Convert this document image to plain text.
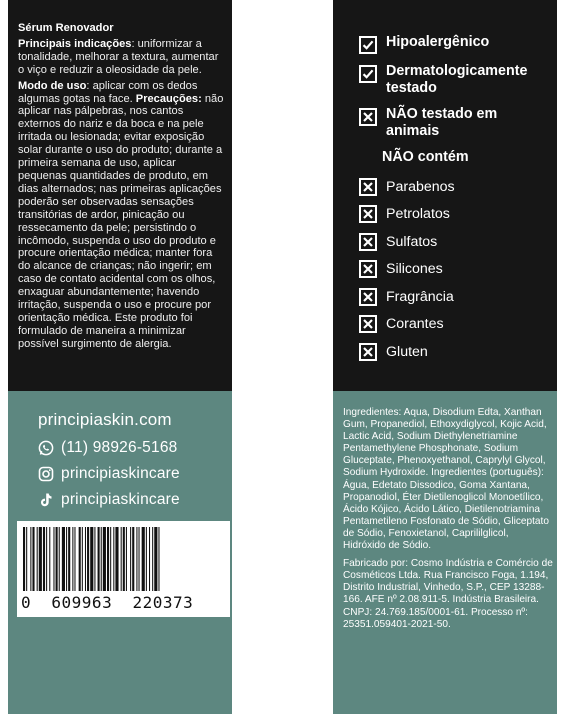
Sérum Renovador

Principais indicações: uniformizar a tonalidade, melhorar a textura, aumentar o viço e reduzir a oleosidade da pele.

Modo de uso: aplicar com os dedos algumas gotas na face. Precauções: não aplicar nas pálpebras, nos cantos externos do nariz e da boca e na pele irritada ou lesionada; evitar exposição solar durante o uso do produto; durante a primeira semana de uso, aplicar pequenas quantidades de produto, em dias alternados; nas primeiras aplicações poderão ser observadas sensações transitórias de ardor, pinicação ou ressecamento da pele; persistindo o incômodo, suspenda o uso do produto e procure orientação médica; manter fora do alcance de crianças; não ingerir; em caso de contato acidental com os olhos, enxaguar abundantemente; havendo irritação, suspenda o uso e procure por orientação médica. Este produto foi formulado de maneira a minimizar possível surgimento de alergia.

principiaskin.com
(11) 98926-5168
principiaskincare
principiaskincare
0  609963  220373
Hipoalergênico
Dermatologicamente testado
NÃO testado em animais
NÃO contém
Parabenos
Petrolatos
Sulfatos
Silicones
Fragrância
Corantes
Gluten

Ingredientes: Aqua, Disodium Edta, Xanthan Gum, Propanediol, Ethoxydiglycol, Kojic Acid, Lactic Acid, Sodium Diethylenetriamine Pentamethylene Phosphonate, Sodium Gluceptate, Phenoxyethanol, Caprylyl Glycol, Sodium Hydroxide. Ingredientes (português): Água, Edetato Dissodico, Goma Xantana, Propanodiol, Éter Dietilenoglicol Monoetílico, Ácido Kójico, Ácido Lático, Dietilenotriamina Pentametileno Fosfonato de Sódio, Gliceptato de Sódio, Fenoxietanol, Caprililglicol, Hidróxido de Sódio.

Fabricado por: Cosmo Indústria e Comércio de Cosméticos Ltda. Rua Francisco Foga, 1.194, Distrito Industrial, Vinhedo, S.P., CEP 13288-166. AFE nº 2.08.911-5. Indústria Brasileira. CNPJ: 24.769.185/0001-61. Processo nº: 25351.059401-2021-50.
